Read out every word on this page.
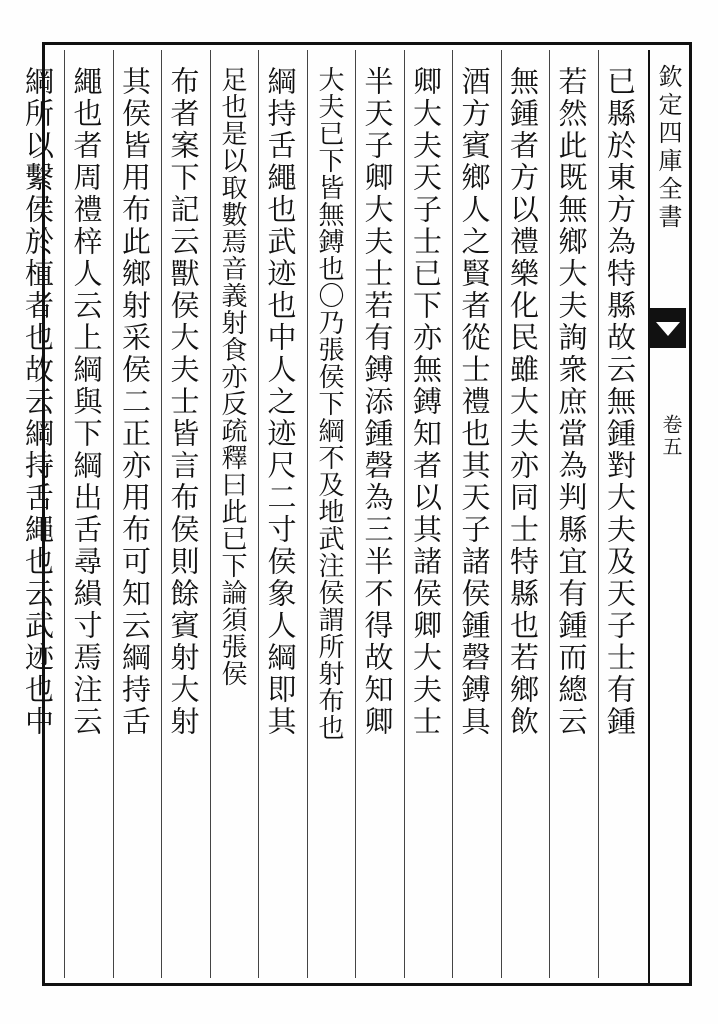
欽定四庫全書
卷五
已縣於東方為特縣故云無鍾對大夫及天子士有鍾
若然此既無鄉大夫詢衆庶當為判縣宜有鍾而總云
無鍾者方以禮樂化民雖大夫亦同士特縣也若鄉飲
酒方賓鄉人之賢者從士禮也其天子諸侯鍾磬鎛具
卿大夫天子士已下亦無鎛知者以其諸侯卿大夫士
半天子卿大夫士若有鎛添鍾磬為三半不得故知卿
大夫已下皆無鎛也〇乃張侯下綱不及地武注侯謂所射布也
綱持舌繩也武迹也中人之迹尺二寸侯象人綱即其
足也是以取數焉音義射食亦反疏釋曰此已下論須張侯
布者案下記云獸侯大夫士皆言布侯則餘賓射大射
其侯皆用布此鄉射采侯二正亦用布可知云綱持舌
繩也者周禮梓人云上綱與下綱出舌尋縜寸焉注云
綱所以繫侯於植者也故云綱持舌繩也云武迹也中
